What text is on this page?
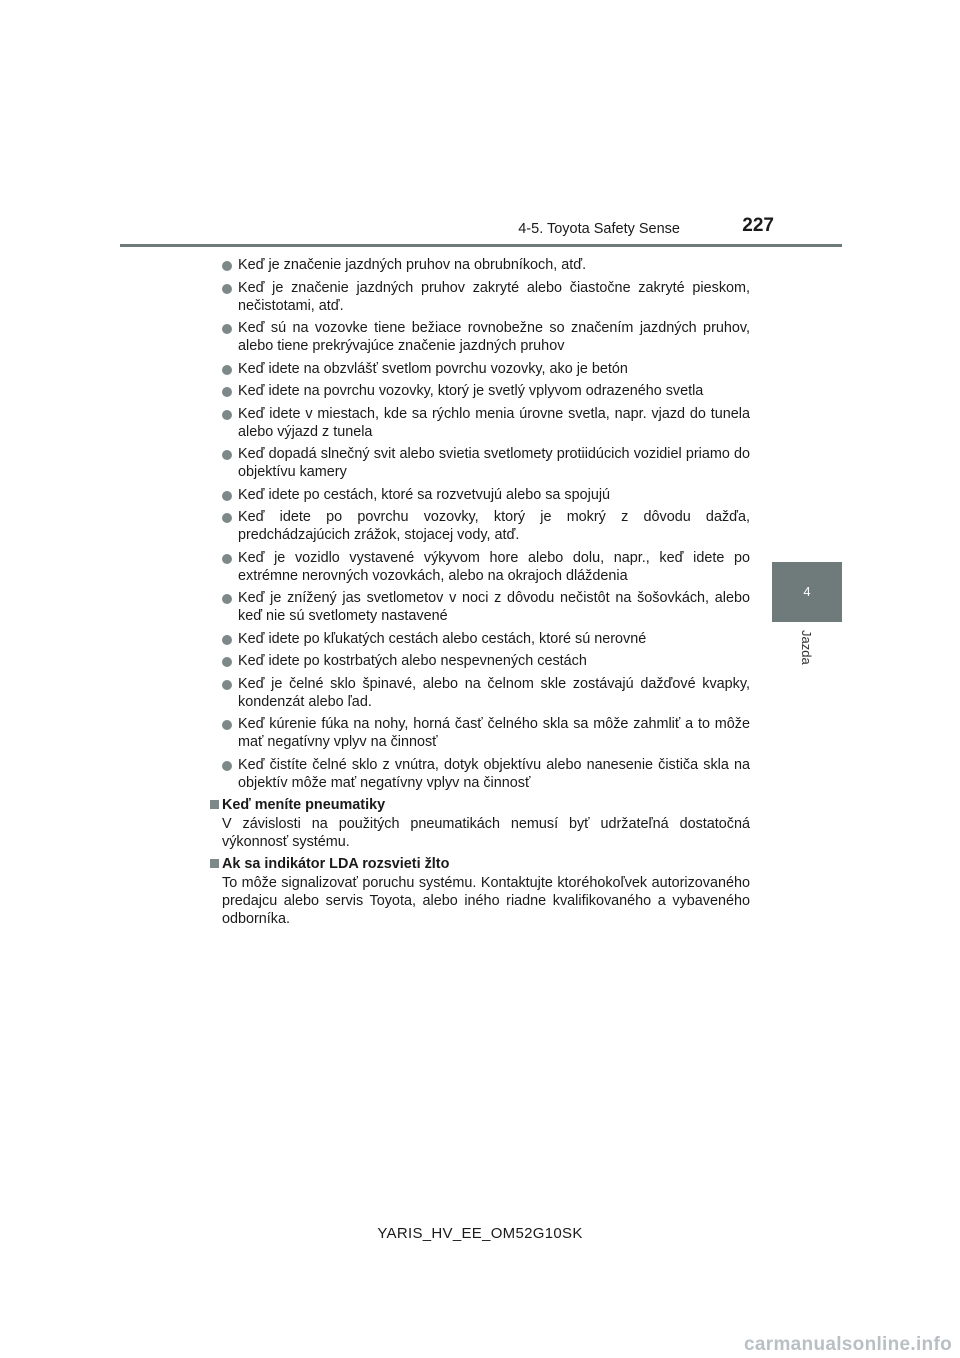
4-5. Toyota Safety Sense	227
4
Jazda
Keď je značenie jazdných pruhov na obrubníkoch, atď.
Keď je značenie jazdných pruhov zakryté alebo čiastočne zakryté pieskom, nečistotami, atď.
Keď sú na vozovke tiene bežiace rovnobežne so značením jazdných pruhov, alebo tiene prekrývajúce značenie jazdných pruhov
Keď idete na obzvlášť svetlom povrchu vozovky, ako je betón
Keď idete na povrchu vozovky, ktorý je svetlý vplyvom odrazeného svetla
Keď idete v miestach, kde sa rýchlo menia úrovne svetla, napr. vjazd do tunela alebo výjazd z tunela
Keď dopadá slnečný svit alebo svietia svetlomety protiidúcich vozidiel priamo do objektívu kamery
Keď idete po cestách, ktoré sa rozvetvujú alebo sa spojujú
Keď idete po povrchu vozovky, ktorý je mokrý z dôvodu dažďa, predchádzajúcich zrážok, stojacej vody, atď.
Keď je vozidlo vystavené výkyvom hore alebo dolu, napr., keď idete po extrémne nerovných vozovkách, alebo na okrajoch dláždenia
Keď je znížený jas svetlometov v noci z dôvodu nečistôt na šošovkách, alebo keď nie sú svetlomety nastavené
Keď idete po kľukatých cestách alebo cestách, ktoré sú nerovné
Keď idete po kostrbatých alebo nespevnených cestách
Keď je čelné sklo špinavé, alebo na čelnom skle zostávajú dažďové kvapky, kondenzát alebo ľad.
Keď kúrenie fúka na nohy, horná časť čelného skla sa môže zahmliť a to môže mať negatívny vplyv na činnosť
Keď čistíte čelné sklo z vnútra, dotyk objektívu alebo nanesenie čističa skla na objektív môže mať negatívny vplyv na činnosť
Keď meníte pneumatiky
V závislosti na použitých pneumatikách nemusí byť udržateľná dostatočná výkonnosť systému.
Ak sa indikátor LDA rozsvieti žlto
To môže signalizovať poruchu systému. Kontaktujte ktoréhokoľvek autorizovaného predajcu alebo servis Toyota, alebo iného riadne kvalifikovaného a vybaveného odborníka.
YARIS_HV_EE_OM52G10SK
carmanualsonline.info
